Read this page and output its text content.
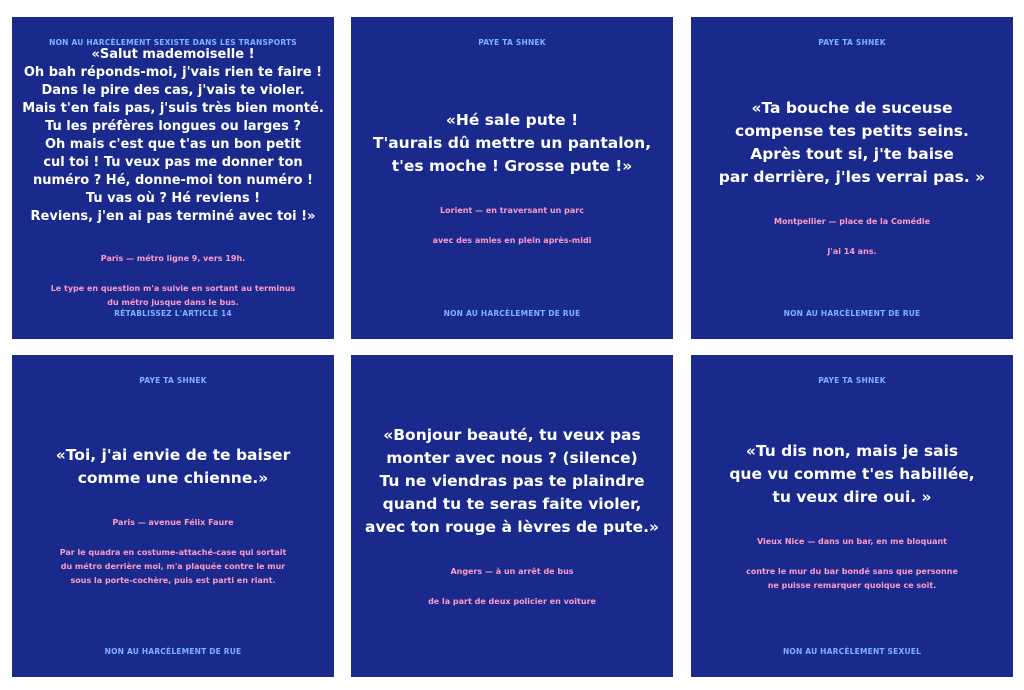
NON AU HARCÈLEMENT SEXISTE DANS LES TRANSPORTS

«Salut mademoiselle !
Oh bah réponds-moi, j'vais rien te faire !
Dans le pire des cas, j'vais te violer.
Mais t'en fais pas, j'suis très bien monté.
Tu les préfères longues ou larges ?
Oh mais c'est que t'as un bon petit
cul toi ! Tu veux pas me donner ton
numéro ? Hé, donne-moi ton numéro !
Tu vas où ? Hé reviens !
Reviens, j'en ai pas terminé avec toi !»

Paris — métro ligne 9, vers 19h.

Le type en question m'a suivie en sortant au terminus
du métro jusque dans le bus.

RÉTABLISSEZ L'ARTICLE 14
PAYE TA SHNEK

«Hé sale pute !
T'aurais dû mettre un pantalon,
t'es moche ! Grosse pute !»

Lorient — en traversant un parc

avec des amies en plein après-midi

NON AU HARCÈLEMENT DE RUE
PAYE TA SHNEK

«Ta bouche de suceuse
compense tes petits seins.
Après tout si, j'te baise
par derrière, j'les verrai pas. »

Montpellier — place de la Comédie

J'ai 14 ans.

NON AU HARCÈLEMENT DE RUE
PAYE TA SHNEK

«Toi, j'ai envie de te baiser
comme une chienne.»

Paris — avenue Félix Faure

Par le quadra en costume-attaché-case qui sortait
du métro derrière moi, m'a plaquée contre le mur
sous la porte-cochère, puis est parti en riant.

NON AU HARCÈLEMENT DE RUE

«Bonjour beauté, tu veux pas
monter avec nous ? (silence)
Tu ne viendras pas te plaindre
quand tu te seras faite violer,
avec ton rouge à lèvres de pute.»

Angers — à un arrêt de bus

de la part de deux policier en voiture

PAYE TA SHNEK

«Tu dis non, mais je sais
que vu comme t'es habillée,
tu veux dire oui. »

Vieux Nice — dans un bar, en me bloquant

contre le mur du bar bondé sans que personne
ne puisse remarquer quoique ce soit.

NON AU HARCÈLEMENT SEXUEL
